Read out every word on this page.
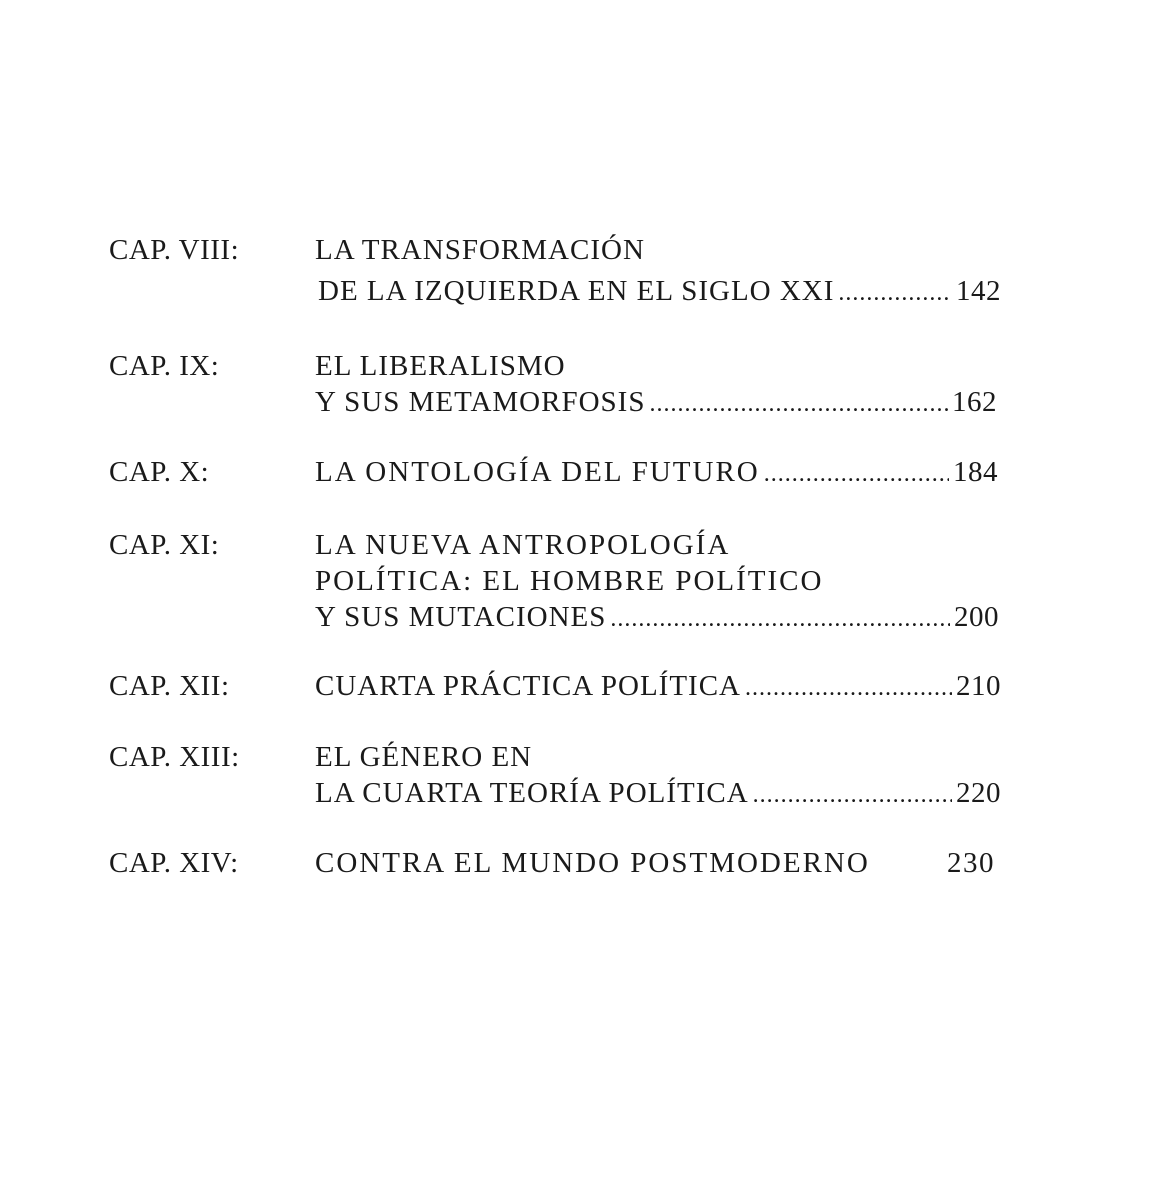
CAP. VIII:	LA TRANSFORMACIÓN
DE LA IZQUIERDA EN EL SIGLO XXI .....	142
CAP. IX:	EL LIBERALISMO
Y SUS METAMORFOSIS .....	162
CAP. X:	LA ONTOLOGÍA DEL FUTURO .....	184
CAP. XI:	LA NUEVA ANTROPOLOGÍA
POLÍTICA: EL HOMBRE POLÍTICO
Y SUS MUTACIONES .....	200
CAP. XII:	CUARTA PRÁCTICA POLÍTICA .....	210
CAP. XIII:	EL GÉNERO EN
LA CUARTA TEORÍA POLÍTICA .....	220
CAP. XIV:	CONTRA EL MUNDO POSTMODERNO	230
